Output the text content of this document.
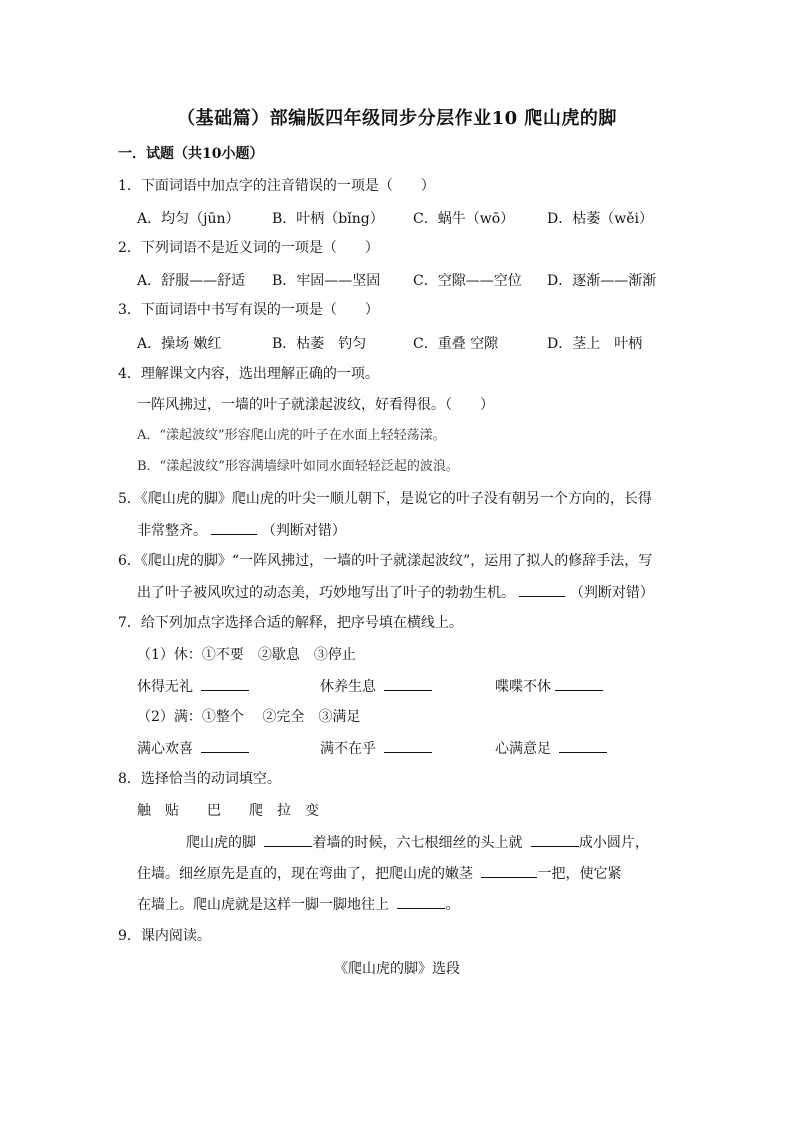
（基础篇）部编版四年级同步分层作业10 爬山虎的脚
一．试题（共10小题）
1．下面词语中加点字的注音错误的一项是（　　）
A．均匀（jūn） B．叶柄（bǐng） C．蜗牛（wō） D．枯萎（wěi）
2．下列词语不是近义词的一项是（　　）
A．舒服——舒适 B．牢固——坚固 C．空隙——空位 D．逐渐——渐渐
3．下面词语中书写有误的一项是（　　）
A．操场 嫩红	B．枯萎　钓匀	C．重叠 空隙	D．茎上　叶柄
4．理解课文内容，选出理解正确的一项。
一阵风拂过，一墙的叶子就漾起波纹，好看得很。（　　）
A．“漾起波纹”形容爬山虎的叶子在水面上轻轻荡漾。
B．“漾起波纹”形容满墙绿叶如同水面轻轻泛起的波浪。
5．《爬山虎的脚》爬山虎的叶尖一顺儿朝下，是说它的叶子没有朝另一个方向的，长得
非常整齐。	（判断对错）
6．《爬山虎的脚》“一阵风拂过，一墙的叶子就漾起波纹”，运用了拟人的修辞手法，写
出了叶子被风吹过的动态美，巧妙地写出了叶子的勃勃生机。	（判断对错）
7．给下列加点字选择合适的解释，把序号填在横线上。
（1）休：①不要　②歇息　③停止
休得无礼	休养生息	喋喋不休
（2）满：①整个　 ②完全　③满足
满心欢喜	满不在乎	心满意足
8．选择恰当的动词填空。
触　贴　　巴　　爬　拉　变
爬山虎的脚	着墙的时候，六七根细丝的头上就	成小圆片，
住墙。细丝原先是直的，现在弯曲了，把爬山虎的嫩茎	一把，使它紧
在墙上。爬山虎就是这样一脚一脚地往上	。
9．课内阅读。
《爬山虎的脚》选段
